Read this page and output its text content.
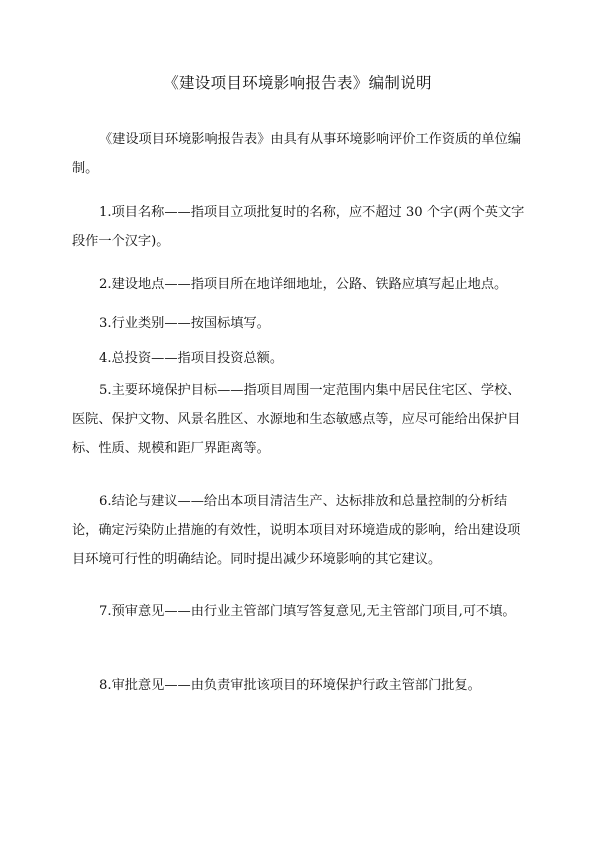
《建设项目环境影响报告表》编制说明

《建设项目环境影响报告表》由具有从事环境影响评价工作资质的单位编制。

1.项目名称——指项目立项批复时的名称，应不超过 30 个字(两个英文字段作一个汉字)。

2.建设地点——指项目所在地详细地址，公路、铁路应填写起止地点。

3.行业类别——按国标填写。

4.总投资——指项目投资总额。

5.主要环境保护目标——指项目周围一定范围内集中居民住宅区、学校、医院、保护文物、风景名胜区、水源地和生态敏感点等，应尽可能给出保护目标、性质、规模和距厂界距离等。

6.结论与建议——给出本项目清洁生产、达标排放和总量控制的分析结论，确定污染防止措施的有效性，说明本项目对环境造成的影响，给出建设项目环境可行性的明确结论。同时提出减少环境影响的其它建议。

7.预审意见——由行业主管部门填写答复意见,无主管部门项目,可不填。

8.审批意见——由负责审批该项目的环境保护行政主管部门批复。
